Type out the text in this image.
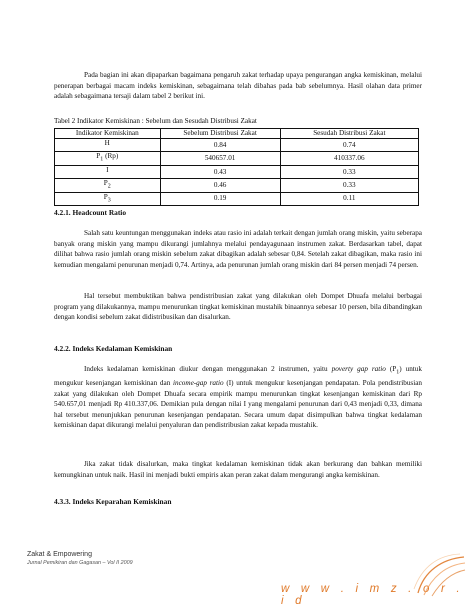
Pada bagian ini akan dipaparkan bagaimana pengaruh zakat terhadap upaya pengurangan angka kemiskinan, melalui penerapan berbagai macam indeks kemiskinan, sebagaimana telah dibahas pada bab sebelumnya. Hasil olahan data primer adalah sebagaimana tersaji dalam tabel 2 berikut ini.

Tabel 2 Indikator Kemiskinan : Sebelum dan Sesudah Distribusi Zakat

Indikator Kemiskinan	Sebelum Distribusi Zakat	Sesudah Distribusi Zakat
H	0.84	0.74
$P_1$ (Rp)	540657.01	410337.06
I	0.43	0.33
$P_2$	0.46	0.33
$P_3$	0.19	0.11

4.2.1. Headcount Ratio

Salah satu keuntungan menggunakan indeks atau rasio ini adalah terkait dengan jumlah orang miskin, yaitu seberapa banyak orang miskin yang mampu dikurangi jumlahnya melalui pendayagunaan instrumen zakat. Berdasarkan tabel, dapat dilihat bahwa rasio jumlah orang miskin sebelum zakat dibagikan adalah sebesar 0,84. Setelah zakat dibagikan, maka rasio ini kemudian mengalami penurunan menjadi 0,74. Artinya, ada penurunan jumlah orang miskin dari 84 persen menjadi 74 persen.

Hal tersebut membuktikan bahwa pendistribusian zakat yang dilakukan oleh Dompet Dhuafa melalui berbagai program yang dilakukannya, mampu menurunkan tingkat kemiskinan mustahik binaannya sebesar 10 persen, bila dibandingkan dengan kondisi sebelum zakat didistribusikan dan disalurkan.

4.2.2. Indeks Kedalaman Kemiskinan

Indeks kedalaman kemiskinan diukur dengan menggunakan 2 instrumen, yaitu poverty gap ratio $(P_1)$ untuk mengukur kesenjangan kemiskinan dan income-gap ratio (I) untuk mengukur kesenjangan pendapatan. Pola pendistribusian zakat yang dilakukan oleh Dompet Dhuafa secara empirik mampu menurunkan tingkat kesenjangan kemiskinan dari Rp 540.657,01 menjadi Rp 410.337,06. Demikian pula dengan nilai I yang mengalami penurunan dari 0,43 menjadi 0,33, dimana hal tersebut menunjukkan penurunan kesenjangan pendapatan. Secara umum dapat disimpulkan bahwa tingkat kedalaman kemiskinan dapat dikurangi melalui penyaluran dan pendistribusian zakat kepada mustahik.

Jika zakat tidak disalurkan, maka tingkat kedalaman kemiskinan tidak akan berkurang dan bahkan memiliki kemungkinan untuk naik. Hasil ini menjadi bukti empiris akan peran zakat dalam mengurangi angka kemiskinan.

4.3.3. Indeks Keparahan Kemiskinan

Zakat & Empowering
Jurnal Pemikiran dan Gagasan – Vol II 2009
w w w . i m z . o r . i d
